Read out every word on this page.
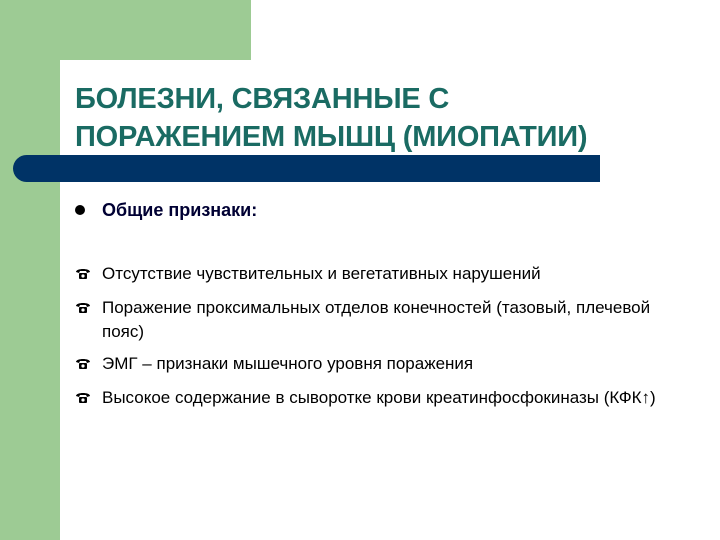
БОЛЕЗНИ, СВЯЗАННЫЕ С
ПОРАЖЕНИЕМ МЫШЦ (МИОПАТИИ)
Общие признаки:
Отсутствие чувствительных и вегетативных нарушений
Поражение проксимальных отделов конечностей (тазовый, плечевой пояс)
ЭМГ – признаки мышечного уровня поражения
Высокое содержание в сыворотке крови креатинфосфокиназы (КФК↑)
